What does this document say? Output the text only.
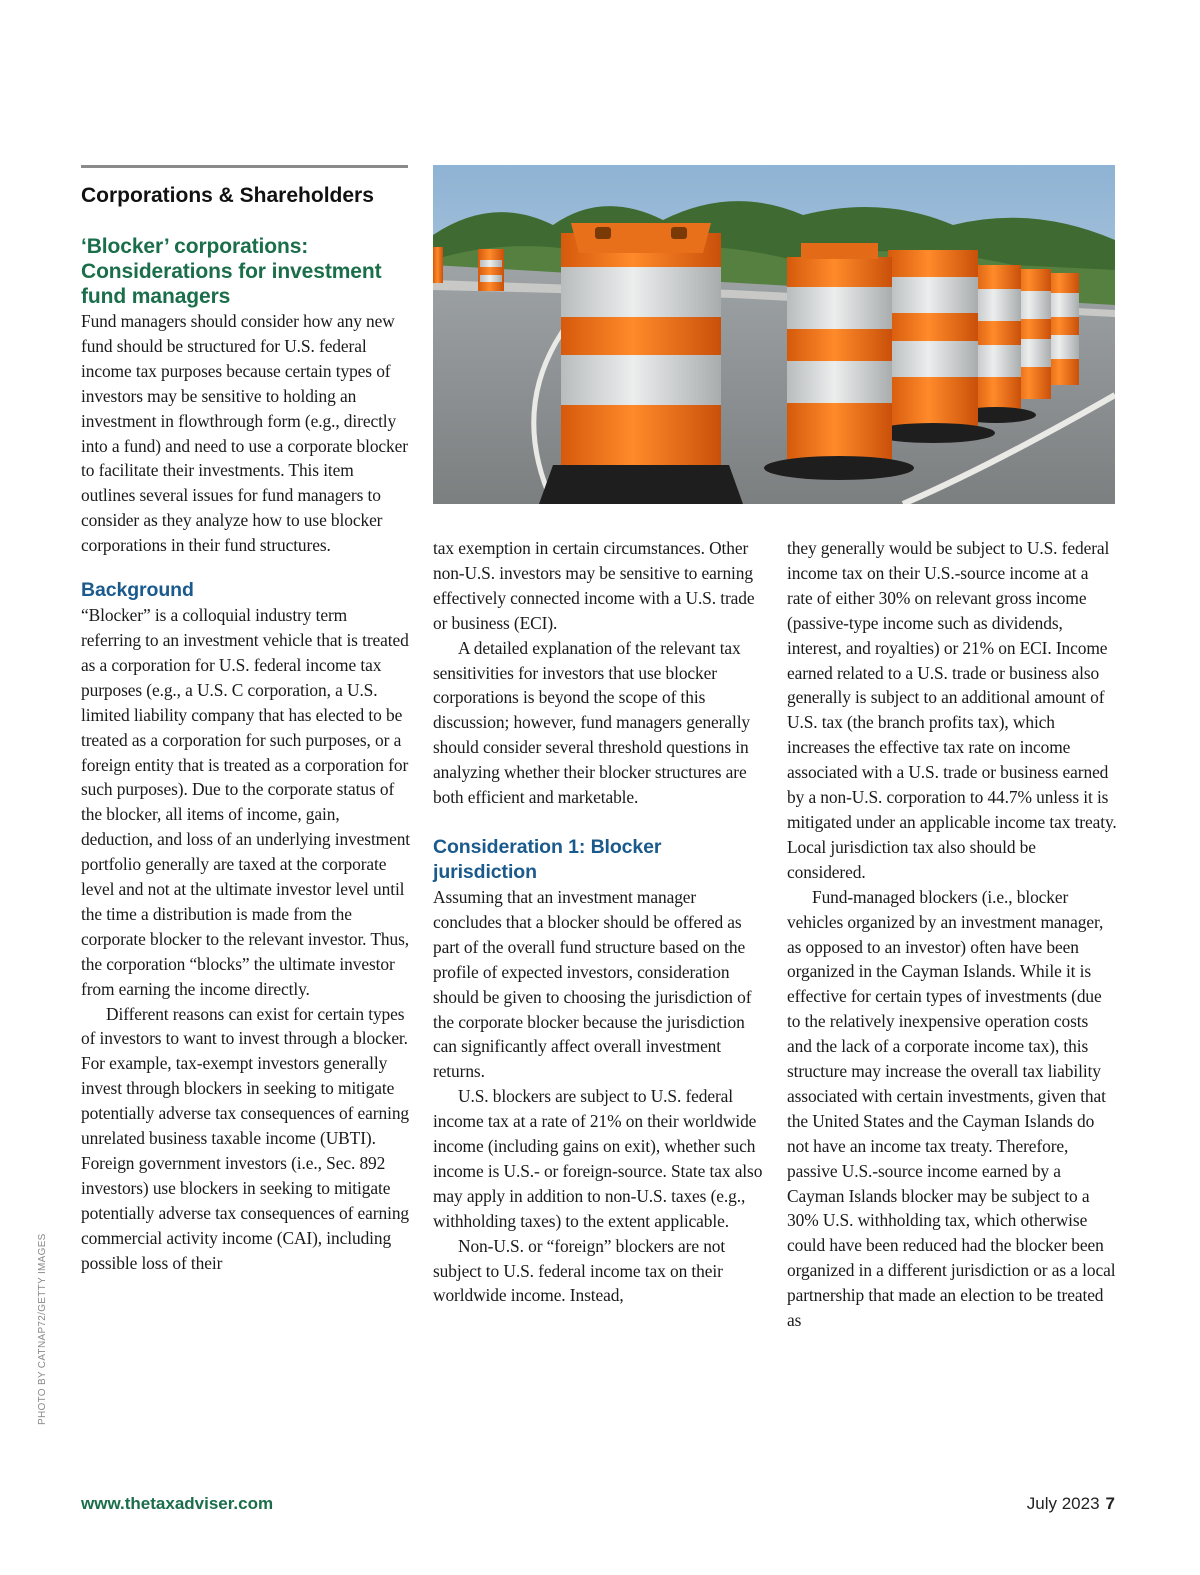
Corporations & Shareholders
‘Blocker’ corporations: Considerations for investment fund managers

Fund managers should consider how any new fund should be structured for U.S. federal income tax purposes because certain types of investors may be sensitive to holding an investment in flowthrough form (e.g., directly into a fund) and need to use a corporate blocker to facilitate their investments. This item outlines several issues for fund managers to consider as they analyze how to use blocker corporations in their fund structures.

Background

“Blocker” is a colloquial industry term referring to an investment vehicle that is treated as a corporation for U.S. federal income tax purposes (e.g., a U.S. C corporation, a U.S. limited liability company that has elected to be treated as a corporation for such purposes, or a foreign entity that is treated as a corporation for such purposes). Due to the corporate status of the blocker, all items of income, gain, deduction, and loss of an underlying investment portfolio generally are taxed at the corporate level and not at the ultimate investor level until the time a distribution is made from the corporate blocker to the relevant investor. Thus, the corporation “blocks” the ultimate investor from earning the income directly.

Different reasons can exist for certain types of investors to want to invest through a blocker. For example, tax-exempt investors generally invest through blockers in seeking to mitigate potentially adverse tax consequences of earning unrelated business taxable income (UBTI). Foreign government investors (i.e., Sec. 892 investors) use blockers in seeking to mitigate potentially adverse tax consequences of earning commercial activity income (CAI), including possible loss of their

tax exemption in certain circumstances. Other non-U.S. investors may be sensitive to earning effectively connected income with a U.S. trade or business (ECI).

A detailed explanation of the relevant tax sensitivities for investors that use blocker corporations is beyond the scope of this discussion; however, fund managers generally should consider several threshold questions in analyzing whether their blocker structures are both efficient and marketable.

Consideration 1: Blocker jurisdiction

Assuming that an investment manager concludes that a blocker should be offered as part of the overall fund structure based on the profile of expected investors, consideration should be given to choosing the jurisdiction of the corporate blocker because the jurisdiction can significantly affect overall investment returns.

U.S. blockers are subject to U.S. federal income tax at a rate of 21% on their worldwide income (including gains on exit), whether such income is U.S.- or foreign-source. State tax also may apply in addition to non-U.S. taxes (e.g., withholding taxes) to the extent applicable.

Non-U.S. or “foreign” blockers are not subject to U.S. federal income tax on their worldwide income. Instead,

they generally would be subject to U.S. federal income tax on their U.S.-source income at a rate of either 30% on relevant gross income (passive-type income such as dividends, interest, and royalties) or 21% on ECI. Income earned related to a U.S. trade or business also generally is subject to an additional amount of U.S. tax (the branch profits tax), which increases the effective tax rate on income associated with a U.S. trade or business earned by a non-U.S. corporation to 44.7% unless it is mitigated under an applicable income tax treaty. Local jurisdiction tax also should be considered.

Fund-managed blockers (i.e., blocker vehicles organized by an investment manager, as opposed to an investor) often have been organized in the Cayman Islands. While it is effective for certain types of investments (due to the relatively inexpensive operation costs and the lack of a corporate income tax), this structure may increase the overall tax liability associated with certain investments, given that the United States and the Cayman Islands do not have an income tax treaty. Therefore, passive U.S.-source income earned by a Cayman Islands blocker may be subject to a 30% U.S. withholding tax, which otherwise could have been reduced had the blocker been organized in a different jurisdiction or as a local partnership that made an election to be treated as

PHOTO BY CATNAP72/GETTY IMAGES
www.thetaxadviser.com	July 2023 7
